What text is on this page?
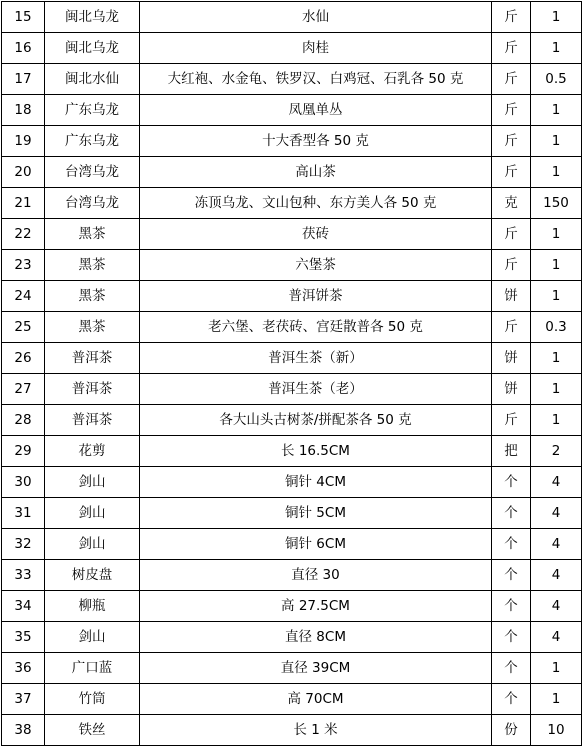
15	闽北乌龙	水仙	斤	1
16	闽北乌龙	肉桂	斤	1
17	闽北水仙	大红袍、水金龟、铁罗汉、白鸡冠、石乳各 50 克	斤	0.5
18	广东乌龙	凤凰单丛	斤	1
19	广东乌龙	十大香型各 50 克	斤	1
20	台湾乌龙	高山茶	斤	1
21	台湾乌龙	冻顶乌龙、文山包种、东方美人各 50 克	克	150
22	黑茶	茯砖	斤	1
23	黑茶	六堡茶	斤	1
24	黑茶	普洱饼茶	饼	1
25	黑茶	老六堡、老茯砖、宫廷散普各 50 克	斤	0.3
26	普洱茶	普洱生茶（新）	饼	1
27	普洱茶	普洱生茶（老）	饼	1
28	普洱茶	各大山头古树茶/拼配茶各 50 克	斤	1
29	花剪	长 16.5CM	把	2
30	剑山	铜针 4CM	个	4
31	剑山	铜针 5CM	个	4
32	剑山	铜针 6CM	个	4
33	树皮盘	直径 30	个	4
34	柳瓶	高 27.5CM	个	4
35	剑山	直径 8CM	个	4
36	广口蓝	直径 39CM	个	1
37	竹筒	高 70CM	个	1
38	铁丝	长 1 米	份	10
